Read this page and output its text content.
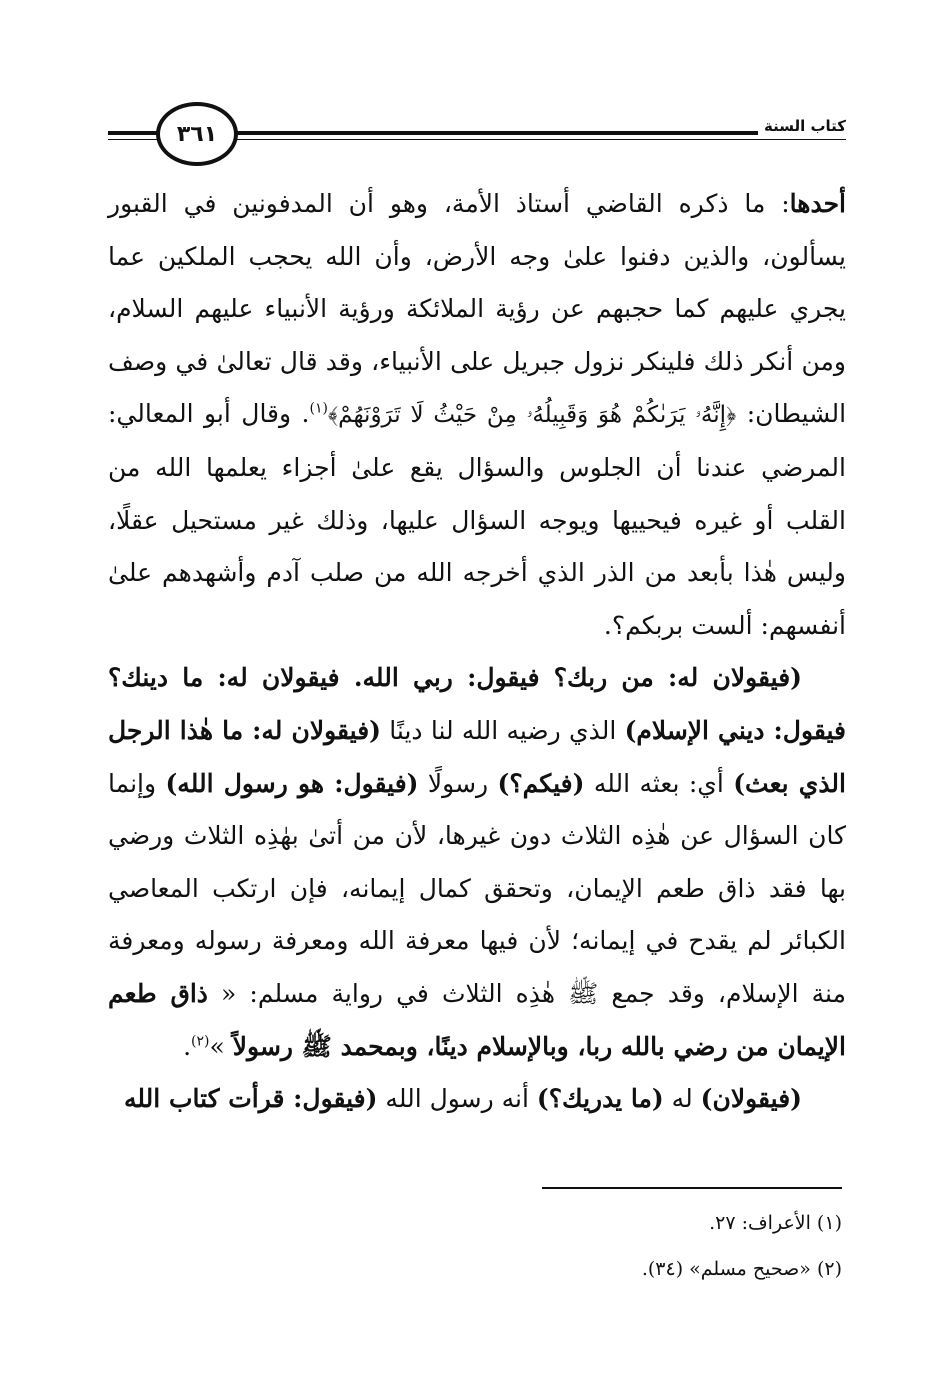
٣٦١	كتاب السنة

أحدها: ما ذكره القاضي أستاذ الأمة، وهو أن المدفونين في القبور يسألون، والذين دفنوا علىٰ وجه الأرض، وأن الله يحجب الملكين عما يجري عليهم كما حجبهم عن رؤية الملائكة ورؤية الأنبياء عليهم السلام، ومن أنكر ذلك فلينكر نزول جبريل على الأنبياء، وقد قال تعالىٰ في وصف الشيطان: ﴿إِنَّهُۥ يَرَىٰكُمْ هُوَ وَقَبِيلُهُۥ مِنْ حَيْثُ لَا تَرَوْنَهُمْ﴾$^{(١)}$. وقال أبو المعالي: المرضي عندنا أن الجلوس والسؤال يقع علىٰ أجزاء يعلمها الله من القلب أو غيره فيحييها ويوجه السؤال عليها، وذلك غير مستحيل عقلًا، وليس هٰذا بأبعد من الذر الذي أخرجه الله من صلب آدم وأشهدهم علىٰ أنفسهم: ألست بربكم؟.

(فيقولان له: من ربك؟ فيقول: ربي الله. فيقولان له: ما دينك؟ فيقول: ديني الإسلام) الذي رضيه الله لنا دينًا (فيقولان له: ما هٰذا الرجل الذي بعث) أي: بعثه الله (فيكم؟) رسولًا (فيقول: هو رسول الله) وإنما كان السؤال عن هٰذِه الثلاث دون غيرها، لأن من أتىٰ بهٰذِه الثلاث ورضي بها فقد ذاق طعم الإيمان، وتحقق كمال إيمانه، فإن ارتكب المعاصي الكبائر لم يقدح في إيمانه؛ لأن فيها معرفة الله ومعرفة رسوله ومعرفة منة الإسلام، وقد جمع ﷺ هٰذِه الثلاث في رواية مسلم: « ذاق طعم الإيمان من رضي بالله ربا، وبالإسلام دينًا، وبمحمد ﷺ رسولاً »$^{(٢)}$.

(فيقولان) له (ما يدريك؟) أنه رسول الله (فيقول: قرأت كتاب الله

(١) الأعراف: ٢٧.
(٢) «صحيح مسلم» (٣٤).
